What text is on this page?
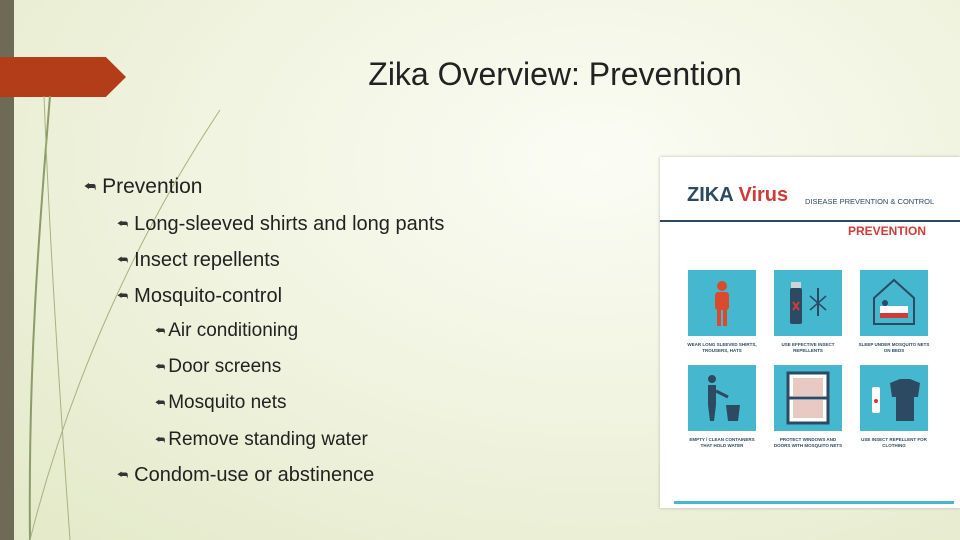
Zika Overview: Prevention
⮪ Prevention
⮪ Long-sleeved shirts and long pants
⮪ Insect repellents
⮪ Mosquito-control
⮪ Air conditioning
⮪ Door screens
⮪ Mosquito nets
⮪ Remove standing water
⮪ Condom-use or abstinence
ZIKA Virus DISEASE PREVENTION & CONTROL
PREVENTION
WEAR LONG SLEEVED SHIRTS, TROUSERS, HATS
USE EFFECTIVE INSECT REPELLENTS
SLEEP UNDER MOSQUITO NETS ON BEDS
EMPTY / CLEAN CONTAINERS THAT HOLD WATER
PROTECT WINDOWS AND DOORS WITH MOSQUITO NETS
USE INSECT REPELLENT FOR CLOTHING
